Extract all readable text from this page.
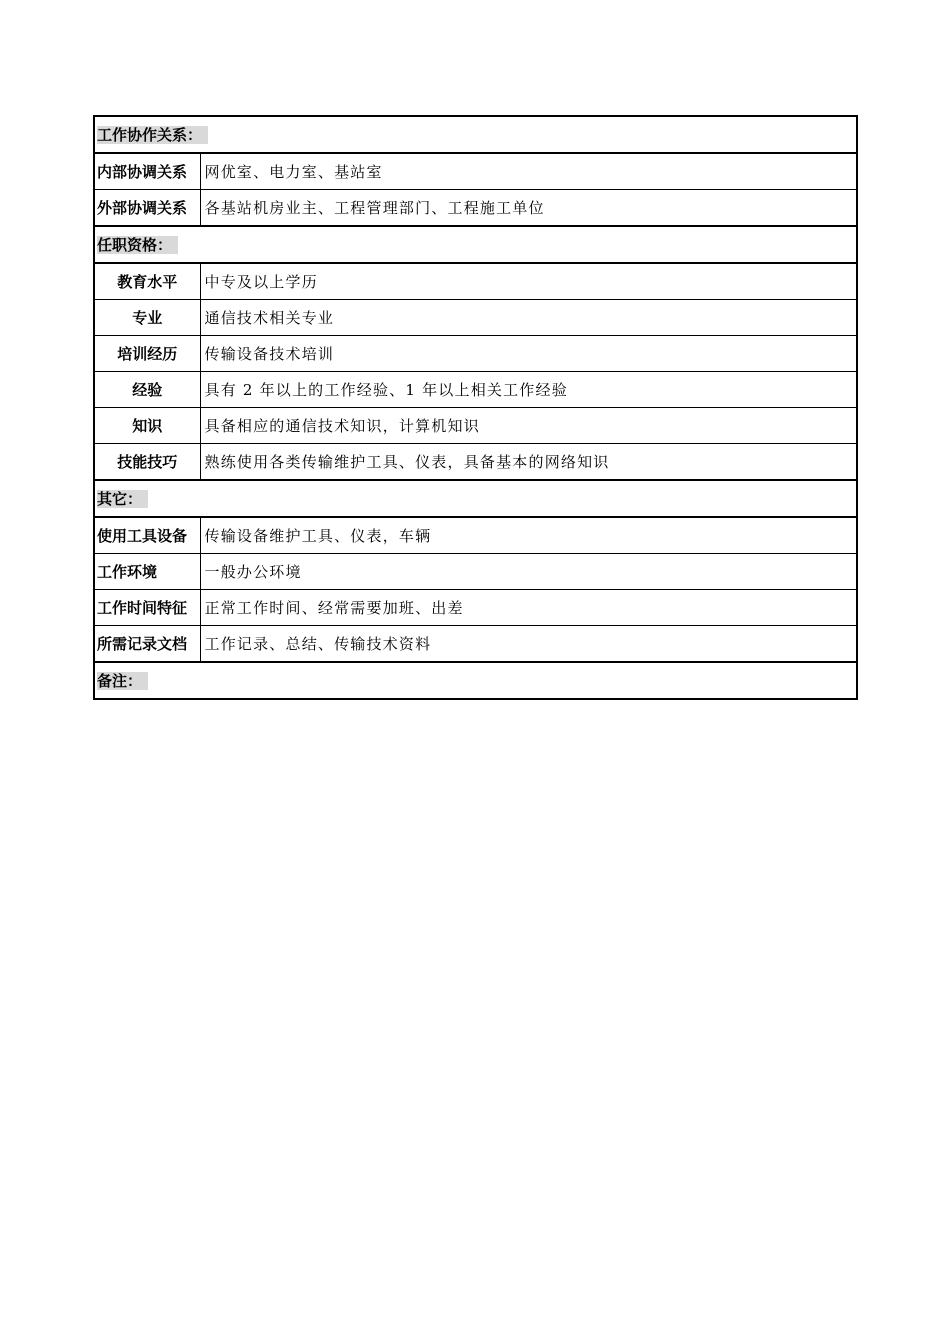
工作协作关系：	
内部协调关系	网优室、电力室、基站室
外部协调关系	各基站机房业主、工程管理部门、工程施工单位
任职资格：	
教育水平	中专及以上学历
专业	通信技术相关专业
培训经历	传输设备技术培训
经验	具有 2 年以上的工作经验、1 年以上相关工作经验
知识	具备相应的通信技术知识，计算机知识
技能技巧	熟练使用各类传输维护工具、仪表，具备基本的网络知识
其它：	
使用工具设备	传输设备维护工具、仪表，车辆
工作环境	一般办公环境
工作时间特征	正常工作时间、经常需要加班、出差
所需记录文档	工作记录、总结、传输技术资料
备注：	
